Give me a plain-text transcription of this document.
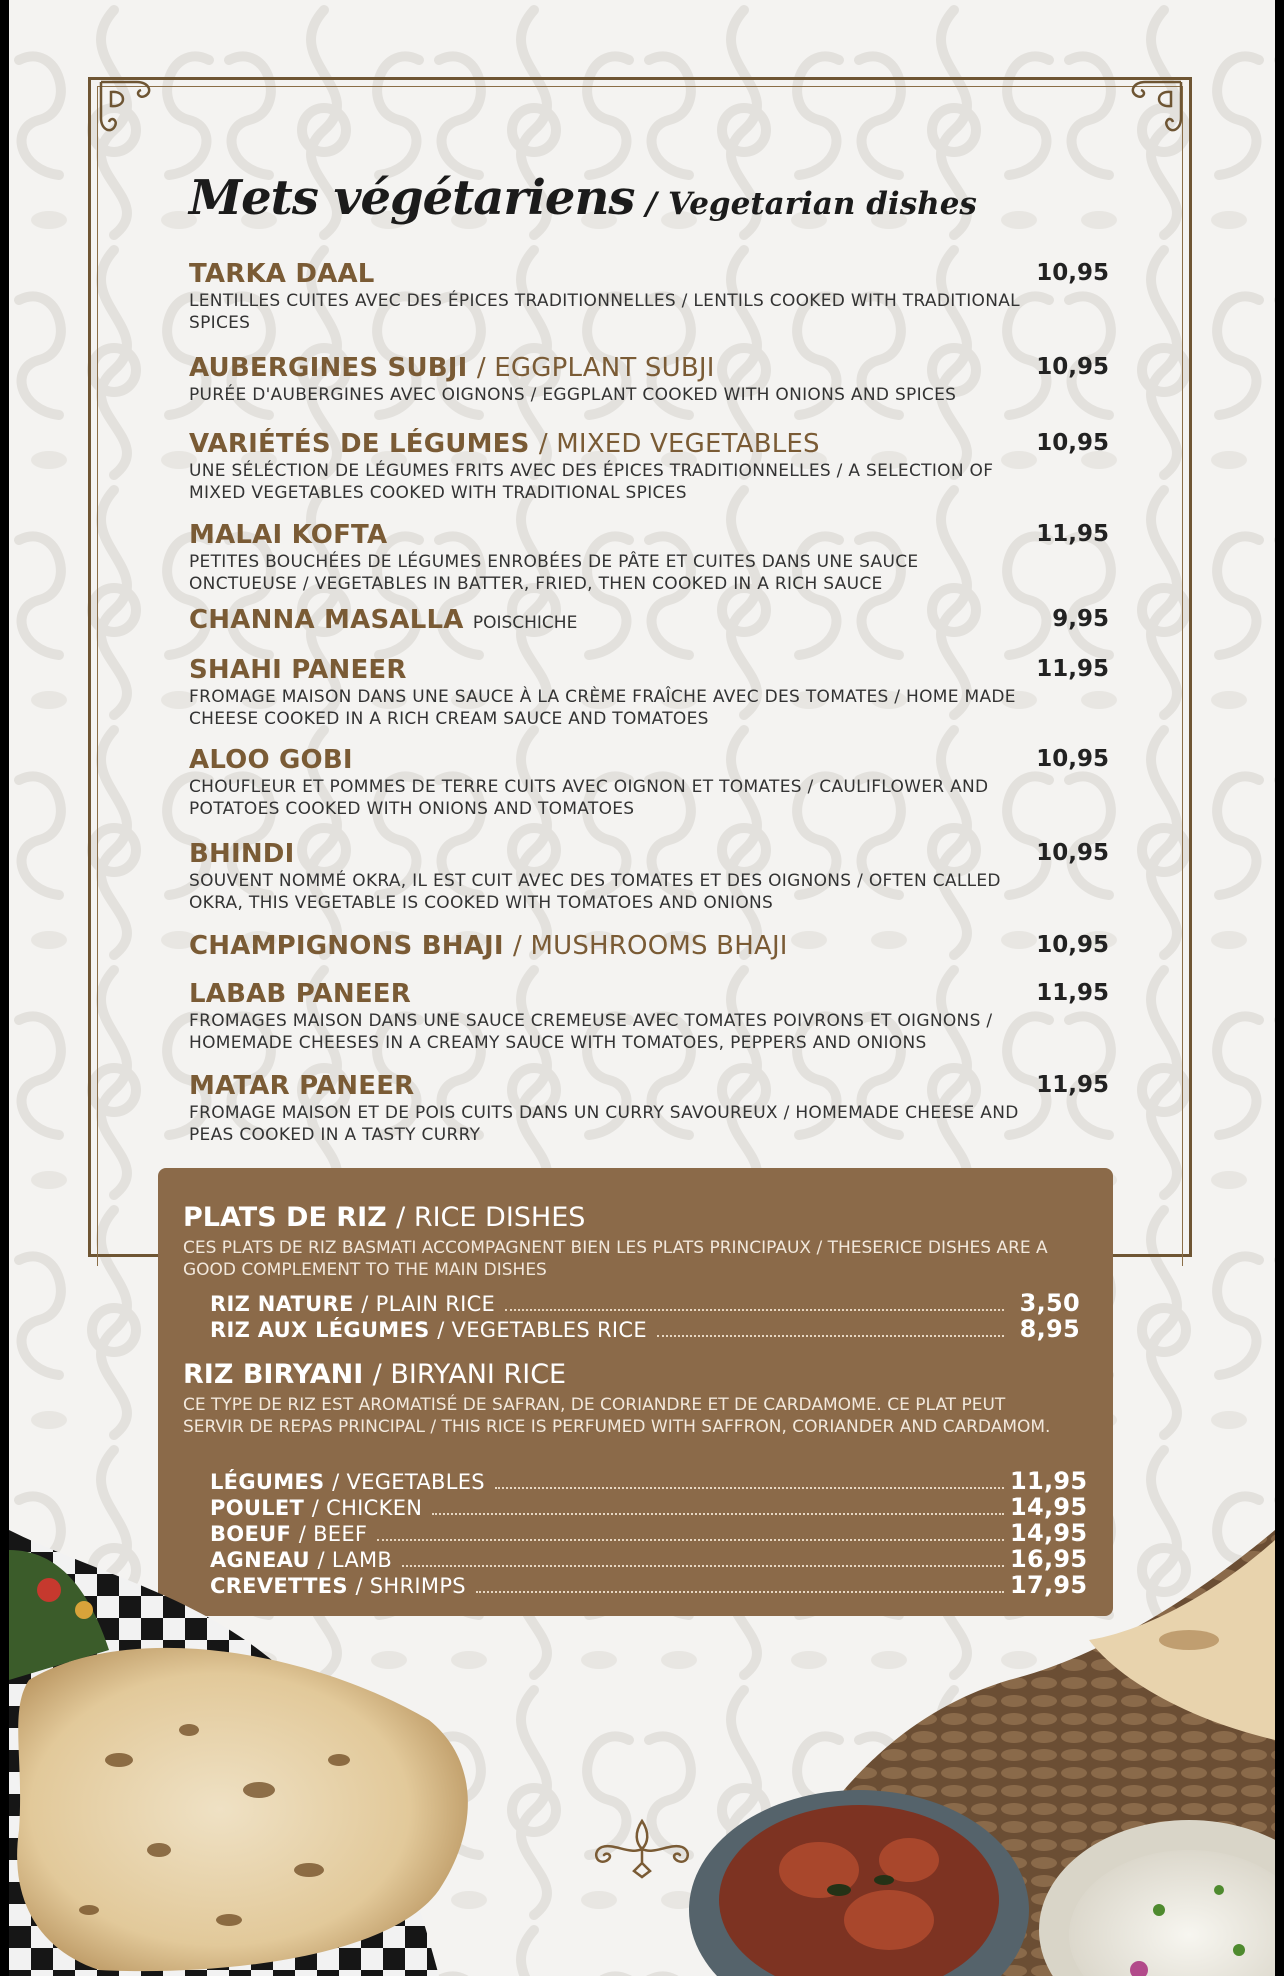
Mets végétariens / Vegetarian dishes
TARKA DAAL	10,95
LENTILLES CUITES AVEC DES ÉPICES TRADITIONNELLES / LENTILS COOKED WITH TRADITIONAL SPICES
AUBERGINES SUBJI / EGGPLANT SUBJI	10,95
PURÉE D'AUBERGINES AVEC OIGNONS / EGGPLANT COOKED WITH ONIONS AND SPICES
VARIÉTÉS DE LÉGUMES / MIXED VEGETABLES	10,95
UNE SÉLÉCTION DE LÉGUMES FRITS AVEC DES ÉPICES TRADITIONNELLES / A SELECTION OF MIXED VEGETABLES COOKED WITH TRADITIONAL SPICES
MALAI KOFTA	11,95
PETITES BOUCHÉES DE LÉGUMES ENROBÉES DE PÂTE ET CUITES DANS UNE SAUCE ONCTUEUSE / VEGETABLES IN BATTER, FRIED, THEN COOKED IN A RICH SAUCE
CHANNA MASALLA POISCHICHE	9,95
SHAHI PANEER	11,95
FROMAGE MAISON DANS UNE SAUCE À LA CRÈME FRAÎCHE AVEC DES TOMATES / HOME MADE CHEESE COOKED IN A RICH CREAM SAUCE AND TOMATOES
ALOO GOBI	10,95
CHOUFLEUR ET POMMES DE TERRE CUITS AVEC OIGNON ET TOMATES / CAULIFLOWER AND POTATOES COOKED WITH ONIONS AND TOMATOES
BHINDI	10,95
SOUVENT NOMMÉ OKRA, IL EST CUIT AVEC DES TOMATES ET DES OIGNONS / OFTEN CALLED OKRA, THIS VEGETABLE IS COOKED WITH TOMATOES AND ONIONS
CHAMPIGNONS BHAJI / MUSHROOMS BHAJI	10,95
LABAB PANEER	11,95
FROMAGES MAISON DANS UNE SAUCE CREMEUSE AVEC TOMATES POIVRONS ET OIGNONS / HOMEMADE CHEESES IN A CREAMY SAUCE WITH TOMATOES, PEPPERS AND ONIONS
MATAR PANEER	11,95
FROMAGE MAISON ET DE POIS CUITS DANS UN CURRY SAVOUREUX / HOMEMADE CHEESE AND PEAS COOKED IN A TASTY CURRY
PLATS DE RIZ / RICE DISHES
CES PLATS DE RIZ BASMATI ACCOMPAGNENT BIEN LES PLATS PRINCIPAUX / THESERICE DISHES ARE A GOOD COMPLEMENT TO THE MAIN DISHES
RIZ NATURE / PLAIN RICE	3,50
RIZ AUX LÉGUMES / VEGETABLES RICE	8,95
RIZ BIRYANI / BIRYANI RICE
CE TYPE DE RIZ EST AROMATISÉ DE SAFRAN, DE CORIANDRE ET DE CARDAMOME. CE PLAT PEUT SERVIR DE REPAS PRINCIPAL / THIS RICE IS PERFUMED WITH SAFFRON, CORIANDER AND CARDAMOM.
LÉGUMES / VEGETABLES	11,95
POULET / CHICKEN	14,95
BOEUF / BEEF	14,95
AGNEAU / LAMB	16,95
CREVETTES / SHRIMPS	17,95
